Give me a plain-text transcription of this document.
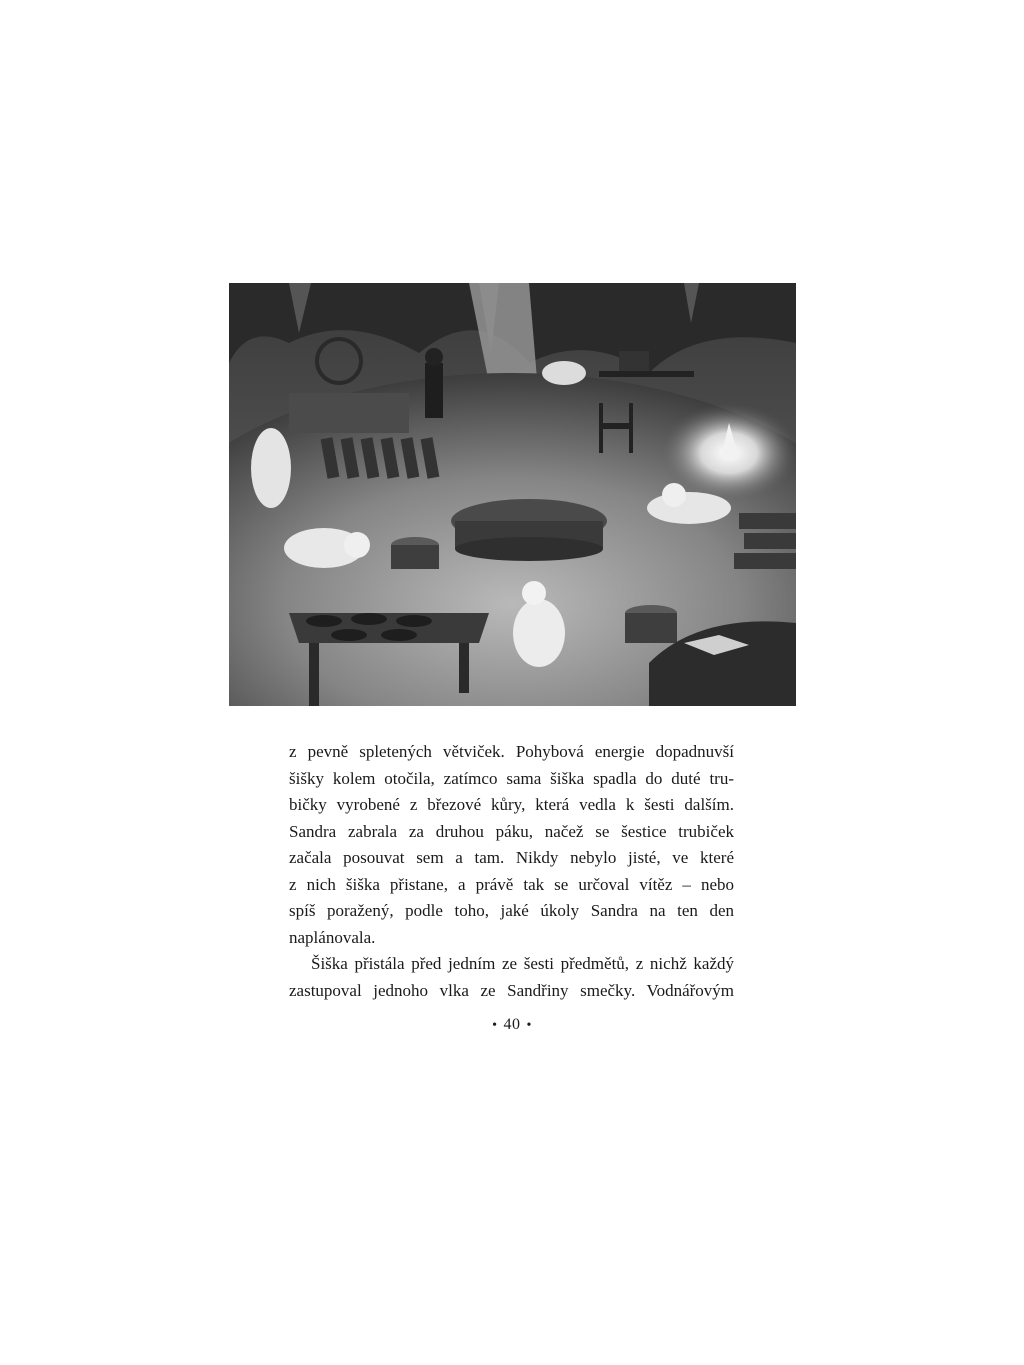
z pevně spletených větviček. Pohybová energie dopadnuvší
šišky kolem otočila, zatímco sama šiška spadla do duté tru-
bičky vyrobené z březové kůry, která vedla k šesti dalším.
Sandra zabrala za druhou páku, načež se šestice trubiček
začala posouvat sem a tam. Nikdy nebylo jisté, ve které
z nich šiška přistane, a právě tak se určoval vítěz – nebo
spíš poražený, podle toho, jaké úkoly Sandra na ten den
naplánovala.
Šiška přistála před jedním ze šesti předmětů, z nichž každý
zastupoval jednoho vlka ze Sandřiny smečky. Vodnářovým
• 40 •
